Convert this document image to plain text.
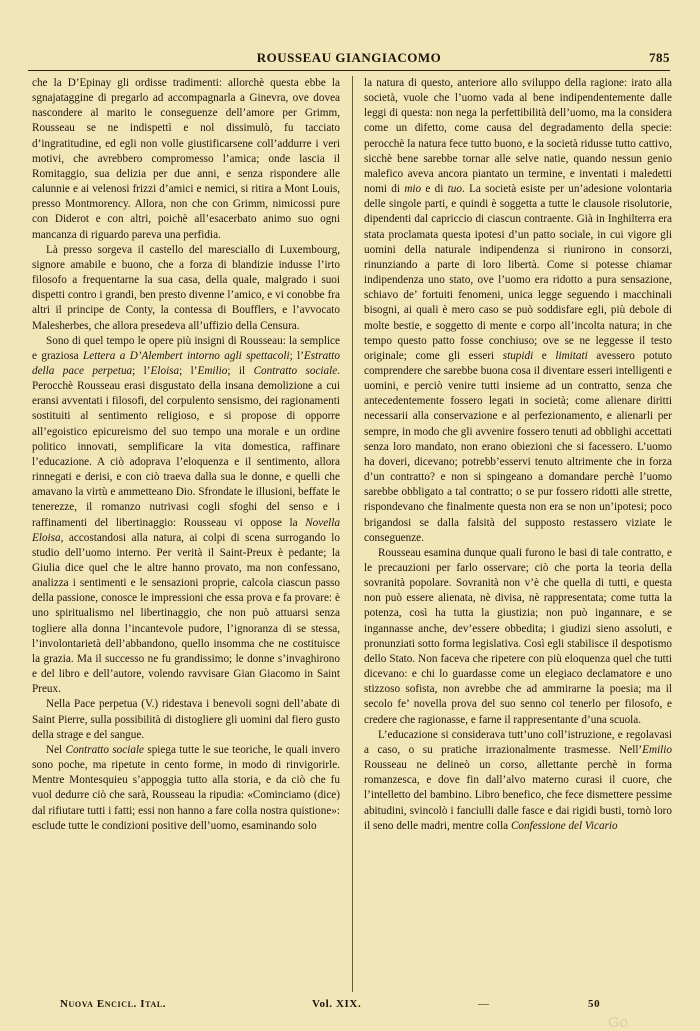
ROUSSEAU GIANGIACOMO	785

che la D’Epinay gli ordisse tradimenti: allorchè questa ebbe la sgnajataggine di pregarlo ad accompagnarla a Ginevra, ove dovea nascondere al marito le conseguenze dell’amore per Grimm, Rousseau se ne indispettì e nol dissimulò, fu tacciato d’ingratitudine, ed egli non volle giustificarsene coll’addurre i veri motivi, che avrebbero compromesso l’amica; onde lascia il Romitaggio, sua delizia per due anni, e senza rispondere alle calunnie e ai velenosi frizzi d’amici e nemici, si ritira a Mont Louis, presso Montmorency. Allora, non che con Grimm, nimicossi pure con Diderot e con altri, poichè all’esacerbato animo suo ogni mancanza di riguardo pareva una perfidia.

Là presso sorgeva il castello del maresciallo di Luxembourg, signore amabile e buono, che a forza di blandizie indusse l’irto filosofo a frequentarne la sua casa, della quale, malgrado i suoi dispetti contro i grandi, ben presto divenne l’amico, e vi conobbe fra altri il principe de Conty, la contessa di Boufflers, e l’avvocato Malesherbes, che allora presedeva all’uffizio della Censura.

Sono di quel tempo le opere più insigni di Rousseau: la semplice e graziosa Lettera a D’Alembert intorno agli spettacoli; l’Estratto della pace perpetua; l’Eloisa; l’Emilio; il Contratto sociale. Perocchè Rousseau erasi disgustato della insana demolizione a cui eransi avventati i filosofi, del corpulento sensismo, dei ragionamenti sostituiti al sentimento religioso, e si propose di opporre all’egoistico epicureismo del suo tempo una morale e un ordine politico innovati, semplificare la vita domestica, raffinare l’educazione. A ciò adoprava l’eloquenza e il sentimento, allora rinnegati e derisi, e con ciò traeva dalla sua le donne, e quelli che amavano la virtù e ammetteano Dio. Sfrondate le illusioni, beffate le tenerezze, il romanzo nutrivasi cogli sfoghi del senso e i raffinamenti del libertinaggio: Rousseau vi oppose la Novella Eloisa, accostandosi alla natura, ai colpi di scena surrogando lo studio dell’uomo interno. Per verità il Saint-Preux è pedante; la Giulia dice quel che le altre hanno provato, ma non confessano, analizza i sentimenti e le sensazioni proprie, calcola ciascun passo della passione, conosce le impressioni che essa prova e fa provare: è uno spiritualismo nel libertinaggio, che non può attuarsi senza togliere alla donna l’incantevole pudore, l’ignoranza di se stessa, l’involontarietà dell’abbandono, quello insomma che ne costituisce la grazia. Ma il successo ne fu grandissimo; le donne s’invaghirono e del libro e dell’autore, volendo ravvisare Gian Giacomo in Saint Preux.

Nella Pace perpetua (V.) ridestava i benevoli sogni dell’abate di Saint Pierre, sulla possibilità di distogliere gli uomini dal fiero gusto della strage e del sangue.

Nel Contratto sociale spiega tutte le sue teoriche, le quali invero sono poche, ma ripetute in cento forme, in modo di rinvigorirle. Mentre Montesquieu s’appoggia tutto alla storia, e da ciò che fu vuol dedurre ciò che sarà, Rousseau la ripudia: «Cominciamo (dice) dal rifiutare tutti i fatti; essi non hanno a fare colla nostra quistione»: esclude tutte le condizioni positive dell’uomo, esaminando solo

la natura di questo, anteriore allo sviluppo della ragione: irato alla società, vuole che l’uomo vada al bene indipendentemente dalle leggi di questa: non nega la perfettibilità dell’uomo, ma la considera come un difetto, come causa del degradamento della specie: perocchè la natura fece tutto buono, e la società ridusse tutto cattivo, sicchè bene sarebbe tornar alle selve natie, quando nessun genio malefico aveva ancora piantato un termine, e inventati i maledetti nomi di mio e di tuo. La società esiste per un’adesione volontaria delle singole parti, e quindi è soggetta a tutte le clausole risolutorie, dipendenti dal capriccio di ciascun contraente. Già in Inghilterra era stata proclamata questa ipotesi d’un patto sociale, in cui vigore gli uomini della naturale indipendenza si riunirono in consorzi, rinunziando a parte di loro libertà. Come si potesse chiamar indipendenza uno stato, ove l’uomo era ridotto a pura sensazione, schiavo de’ fortuiti fenomeni, unica legge seguendo i macchinali bisogni, ai quali è mero caso se può soddisfare egli, più debole di molte bestie, e soggetto di mente e corpo all’incolta natura; in che tempo questo patto fosse conchiuso; ove se ne leggesse il testo originale; come gli esseri stupidi e limitati avessero potuto comprendere che sarebbe buona cosa il diventare esseri intelligenti e uomini, e perciò venire tutti insieme ad un contratto, senza che antecedentemente fossero legati in società; come alienare diritti necessarii alla conservazione e al perfezionamento, e alienarli per sempre, in modo che gli avvenire fossero tenuti ad obblighi accettati senza loro mandato, non erano obiezioni che si facessero. L’uomo ha doveri, dicevano; potrebb’esservi tenuto altrimente che in forza d’un contratto? e non si spingeano a domandare perchè l’uomo sarebbe obbligato a tal contratto; o se pur fossero ridotti alle strette, rispondevano che finalmente questa non era se non un’ipotesi; poco brigandosi se dalla falsità del supposto restassero viziate le conseguenze.

Rousseau esamina dunque quali furono le basi di tale contratto, e le precauzioni per farlo osservare; ciò che porta la teoria della sovranità popolare. Sovranità non v’è che quella di tutti, e questa non può essere alienata, nè divisa, nè rappresentata; come tutta la potenza, così ha tutta la giustizia; non può ingannare, e se ingannasse anche, dev’essere obbedita; i giudizi sieno assoluti, e pronunziati sotto forma legislativa. Così egli stabilisce il despotismo dello Stato. Non faceva che ripetere con più eloquenza quel che tutti dicevano: e chi lo guardasse come un elegiaco declamatore e uno stizzoso sofista, non avrebbe che ad ammirarne la poesia; ma il secolo fe’ novella prova del suo senno col tenerlo per filosofo, e credere che ragionasse, e farne il rappresentante d’una scuola.

L’educazione si considerava tutt’uno coll’istruzione, e regolavasi a caso, o su pratiche irrazionalmente trasmesse. Nell’Emilio Rousseau ne delineò un corso, allettante perchè in forma romanzesca, e dove fin dall’alvo materno curasi il cuore, che l’intelletto del bambino. Libro benefico, che fece dismettere pessime abitudini, svincolò i fanciulli dalle fasce e dai rigidi busti, tornò loro il seno delle madri, mentre colla Confessione del Vicario

Nuova Encicl. Ital.	Vol. XIX.	—	50
Go
